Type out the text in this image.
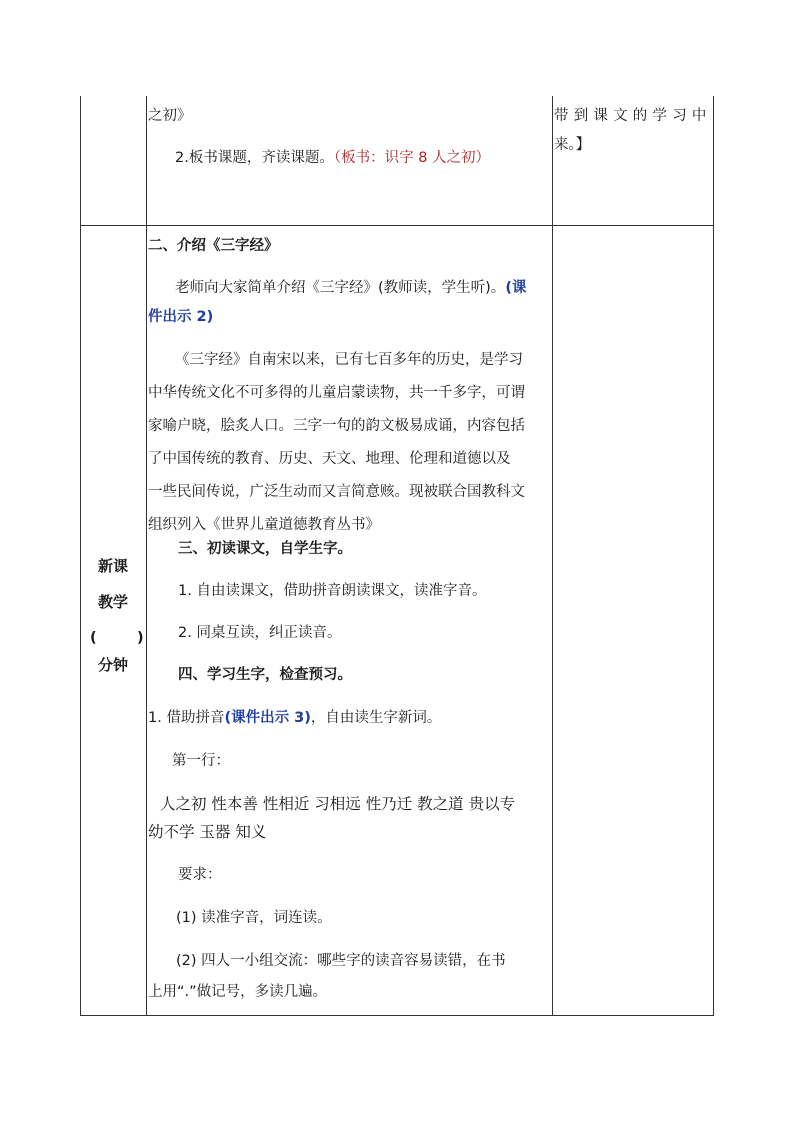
之初》
2.板书课题，齐读课题。（板书：识字 8 人之初）
带到课文的学习中
来。】
新课
教学
(	)
分钟
二、介绍《三字经》
老师向大家简单介绍《三字经》(教师读，学生听)。(课
件出示 2)
《三字经》自南宋以来，已有七百多年的历史，是学习
中华传统文化不可多得的儿童启蒙读物，共一千多字，可谓
家喻户晓，脍炙人口。三字一句的韵文极易成诵，内容包括
了中国传统的教育、历史、天文、地理、伦理和道德以及
一些民间传说，广泛生动而又言简意赅。现被联合国教科文
组织列入《世界儿童道德教育丛书》
三、初读课文，自学生字。
1. 自由读课文，借助拼音朗读课文，读准字音。
2. 同桌互读，纠正读音。
四、学习生字，检查预习。
1. 借助拼音(课件出示 3)，自由读生字新词。
第一行：
人之初 性本善 性相近 习相远 性乃迁 教之道 贵以专
幼不学 玉器 知义
要求：
(1) 读准字音，词连读。
(2) 四人一小组交流：哪些字的读音容易读错，在书
上用“.”做记号，多读几遍。
